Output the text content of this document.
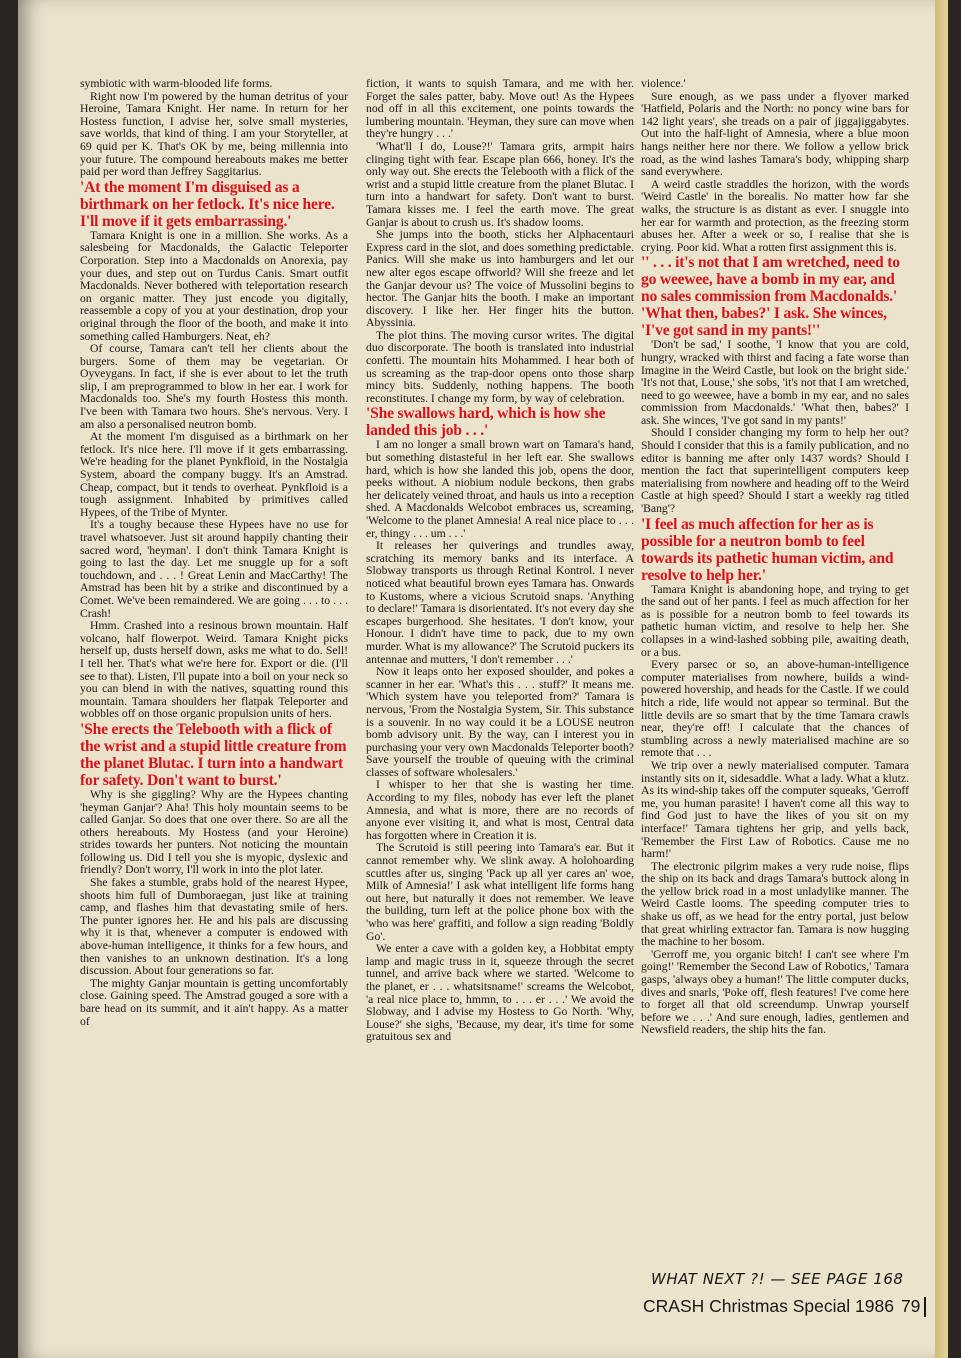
symbiotic with warm-blooded life forms.

Right now I'm powered by the human detritus of your Heroine, Tamara Knight. Her name. In return for her Hostess function, I advise her, solve small mysteries, save worlds, that kind of thing. I am your Storyteller, at 69 quid per K. That's OK by me, being millennia into your future. The compound hereabouts makes me better paid per word than Jeffrey Saggitarius.

'At the moment I'm disguised as a birthmark on her fetlock. It's nice here. I'll move if it gets embarrassing.'

Tamara Knight is one in a million. She works. As a salesbeing for Macdonalds, the Galactic Teleporter Corporation. Step into a Macdonalds on Anorexia, pay your dues, and step out on Turdus Canis. Smart outfit Macdonalds. Never bothered with teleportation research on organic matter. They just encode you digitally, reassemble a copy of you at your destination, drop your original through the floor of the booth, and make it into something called Hamburgers. Neat, eh?

Of course, Tamara can't tell her clients about the burgers. Some of them may be vegetarian. Or Oyveygans. In fact, if she is ever about to let the truth slip, I am preprogrammed to blow in her ear. I work for Macdonalds too. She's my fourth Hostess this month. I've been with Tamara two hours. She's nervous. Very. I am also a personalised neutron bomb.

At the moment I'm disguised as a birthmark on her fetlock. It's nice here. I'll move if it gets embarrassing. We're heading for the planet Pynkfloid, in the Nostalgia System, aboard the company buggy. It's an Amstrad. Cheap, compact, but it tends to overheat. Pynkfloid is a tough assignment. Inhabited by primitives called Hypees, of the Tribe of Mynter.

It's a toughy because these Hypees have no use for travel whatsoever. Just sit around happily chanting their sacred word, 'heyman'. I don't think Tamara Knight is going to last the day. Let me snuggle up for a soft touchdown, and . . . ! Great Lenin and MacCarthy! The Amstrad has been hit by a strike and discontinued by a Comet. We've been remaindered. We are going . . . to . . . Crash!

Hmm. Crashed into a resinous brown mountain. Half volcano, half flowerpot. Weird. Tamara Knight picks herself up, dusts herself down, asks me what to do. Sell! I tell her. That's what we're here for. Export or die. (I'll see to that). Listen, I'll pupate into a boil on your neck so you can blend in with the natives, squatting round this mountain. Tamara shoulders her flatpak Teleporter and wobbles off on those organic propulsion units of hers.

'She erects the Telebooth with a flick of the wrist and a stupid little creature from the planet Blutac. I turn into a handwart for safety. Don't want to burst.'

Why is she giggling? Why are the Hypees chanting 'heyman Ganjar'? Aha! This holy mountain seems to be called Ganjar. So does that one over there. So are all the others hereabouts. My Hostess (and your Heroine) strides towards her punters. Not noticing the mountain following us. Did I tell you she is myopic, dyslexic and friendly? Don't worry, I'll work in into the plot later.

She fakes a stumble, grabs hold of the nearest Hypee, shoots him full of Dumboraegan, just like at training camp, and flashes him that devastating smile of hers. The punter ignores her. He and his pals are discussing why it is that, whenever a computer is endowed with above-human intelligence, it thinks for a few hours, and then vanishes to an unknown destination. It's a long discussion. About four generations so far.

The mighty Ganjar mountain is getting uncomfortably close. Gaining speed. The Amstrad gouged a sore with a bare head on its summit, and it ain't happy. As a matter of

fiction, it wants to squish Tamara, and me with her. Forget the sales patter, baby. Move out! As the Hypees nod off in all this excitement, one points towards the lumbering mountain. 'Heyman, they sure can move when they're hungry . . .'

'What'll I do, Louse?!' Tamara grits, armpit hairs clinging tight with fear. Escape plan 666, honey. It's the only way out. She erects the Telebooth with a flick of the wrist and a stupid little creature from the planet Blutac. I turn into a handwart for safety. Don't want to burst. Tamara kisses me. I feel the earth move. The great Ganjar is about to crush us. It's shadow looms.

She jumps into the booth, sticks her Alphacentauri Express card in the slot, and does something predictable. Panics. Will she make us into hamburgers and let our new alter egos escape offworld? Will she freeze and let the Ganjar devour us? The voice of Mussolini begins to hector. The Ganjar hits the booth. I make an important discovery. I like her. Her finger hits the button. Abyssinia.

The plot thins. The moving cursor writes. The digital duo discorporate. The booth is translated into industrial confetti. The mountain hits Mohammed. I hear both of us screaming as the trap-door opens onto those sharp mincy bits. Suddenly, nothing happens. The booth reconstitutes. I change my form, by way of celebration.

'She swallows hard, which is how she landed this job . . .'

I am no longer a small brown wart on Tamara's hand, but something distasteful in her left ear. She swallows hard, which is how she landed this job, opens the door, peeks without. A niobium nodule beckons, then grabs her delicately veined throat, and hauls us into a reception shed. A Macdonalds Welcobot embraces us, screaming, 'Welcome to the planet Amnesia! A real nice place to . . . er, thingy . . . um . . .'

It releases her quiverings and trundles away, scratching its memory banks and its interface. A Slobway transports us through Retinal Kontrol. I never noticed what beautiful brown eyes Tamara has. Onwards to Kustoms, where a vicious Scrutoid snaps. 'Anything to declare!' Tamara is disorientated. It's not every day she escapes burgerhood. She hesitates. 'I don't know, your Honour. I didn't have time to pack, due to my own murder. What is my allowance?' The Scrutoid puckers its antennae and mutters, 'I don't remember . . .'

Now it leaps onto her exposed shoulder, and pokes a scanner in her ear. 'What's this . . . stuff?' It means me. 'Which system have you teleported from?' Tamara is nervous, 'From the Nostalgia System, Sir. This substance is a souvenir. In no way could it be a LOUSE neutron bomb advisory unit. By the way, can I interest you in purchasing your very own Macdonalds Teleporter booth? Save yourself the trouble of queuing with the criminal classes of software wholesalers.'

I whisper to her that she is wasting her time. According to my files, nobody has ever left the planet Amnesia, and what is more, there are no records of anyone ever visiting it, and what is most, Central data has forgotten where in Creation it is.

The Scrutoid is still peering into Tamara's ear. But it cannot remember why. We slink away. A holohoarding scuttles after us, singing 'Pack up all yer cares an' woe, Milk of Amnesia!' I ask what intelligent life forms hang out here, but naturally it does not remember. We leave the building, turn left at the police phone box with the 'who was here' graffiti, and follow a sign reading 'Boldly Go'.

We enter a cave with a golden key, a Hobbitat empty lamp and magic truss in it, squeeze through the secret tunnel, and arrive back where we started. 'Welcome to the planet, er . . . whatsitsname!' screams the Welcobot, 'a real nice place to, hmmn, to . . . er . . .' We avoid the Slobway, and I advise my Hostess to Go North. 'Why, Louse?' she sighs, 'Because, my dear, it's time for some gratuitous sex and

violence.'

Sure enough, as we pass under a flyover marked 'Hatfield, Polaris and the North: no poncy wine bars for 142 light years', she treads on a pair of jiggajiggabytes. Out into the half-light of Amnesia, where a blue moon hangs neither here nor there. We follow a yellow brick road, as the wind lashes Tamara's body, whipping sharp sand everywhere.

A weird castle straddles the horizon, with the words 'Weird Castle' in the borealis. No matter how far she walks, the structure is as distant as ever. I snuggle into her ear for warmth and protection, as the freezing storm abuses her. After a week or so, I realise that she is crying. Poor kid. What a rotten first assignment this is.

'' . . . it's not that I am wretched, need to go weewee, have a bomb in my ear, and no sales commission from Macdonalds.' 'What then, babes?' I ask. She winces, 'I've got sand in my pants!''

'Don't be sad,' I soothe, 'I know that you are cold, hungry, wracked with thirst and facing a fate worse than Imagine in the Weird Castle, but look on the bright side.' 'It's not that, Louse,' she sobs, 'it's not that I am wretched, need to go weewee, have a bomb in my ear, and no sales commission from Macdonalds.' 'What then, babes?' I ask. She winces, 'I've got sand in my pants!'

Should I consider changing my form to help her out? Should I consider that this is a family publication, and no editor is banning me after only 1437 words? Should I mention the fact that superintelligent computers keep materialising from nowhere and heading off to the Weird Castle at high speed? Should I start a weekly rag titled 'Bang'?

'I feel as much affection for her as is possible for a neutron bomb to feel towards its pathetic human victim, and resolve to help her.'

Tamara Knight is abandoning hope, and trying to get the sand out of her pants. I feel as much affection for her as is possible for a neutron bomb to feel towards its pathetic human victim, and resolve to help her. She collapses in a wind-lashed sobbing pile, awaiting death, or a bus.

Every parsec or so, an above-human-intelligence computer materialises from nowhere, builds a wind-powered hovership, and heads for the Castle. If we could hitch a ride, life would not appear so terminal. But the little devils are so smart that by the time Tamara crawls near, they're off! I calculate that the chances of stumbling across a newly materialised machine are so remote that . . .

We trip over a newly materialised computer. Tamara instantly sits on it, sidesaddle. What a lady. What a klutz. As its wind-ship takes off the computer squeaks, 'Gerroff me, you human parasite! I haven't come all this way to find God just to have the likes of you sit on my interface!' Tamara tightens her grip, and yells back, 'Remember the First Law of Robotics. Cause me no harm!'

The electronic pilgrim makes a very rude noise, flips the ship on its back and drags Tamara's buttock along in the yellow brick road in a most unladylike manner. The Weird Castle looms. The speeding computer tries to shake us off, as we head for the entry portal, just below that great whirling extractor fan. Tamara is now hugging the machine to her bosom.

'Gerroff me, you organic bitch! I can't see where I'm going!' 'Remember the Second Law of Robotics,' Tamara gasps, 'always obey a human!' The little computer ducks, dives and snarls, 'Poke off, flesh features! I've come here to forget all that old screendump. Unwrap yourself before we . . .' And sure enough, ladies, gentlemen and Newsfield readers, the ship hits the fan.

WHAT NEXT ?! — SEE PAGE 168
CRASH Christmas Special 1986 79
